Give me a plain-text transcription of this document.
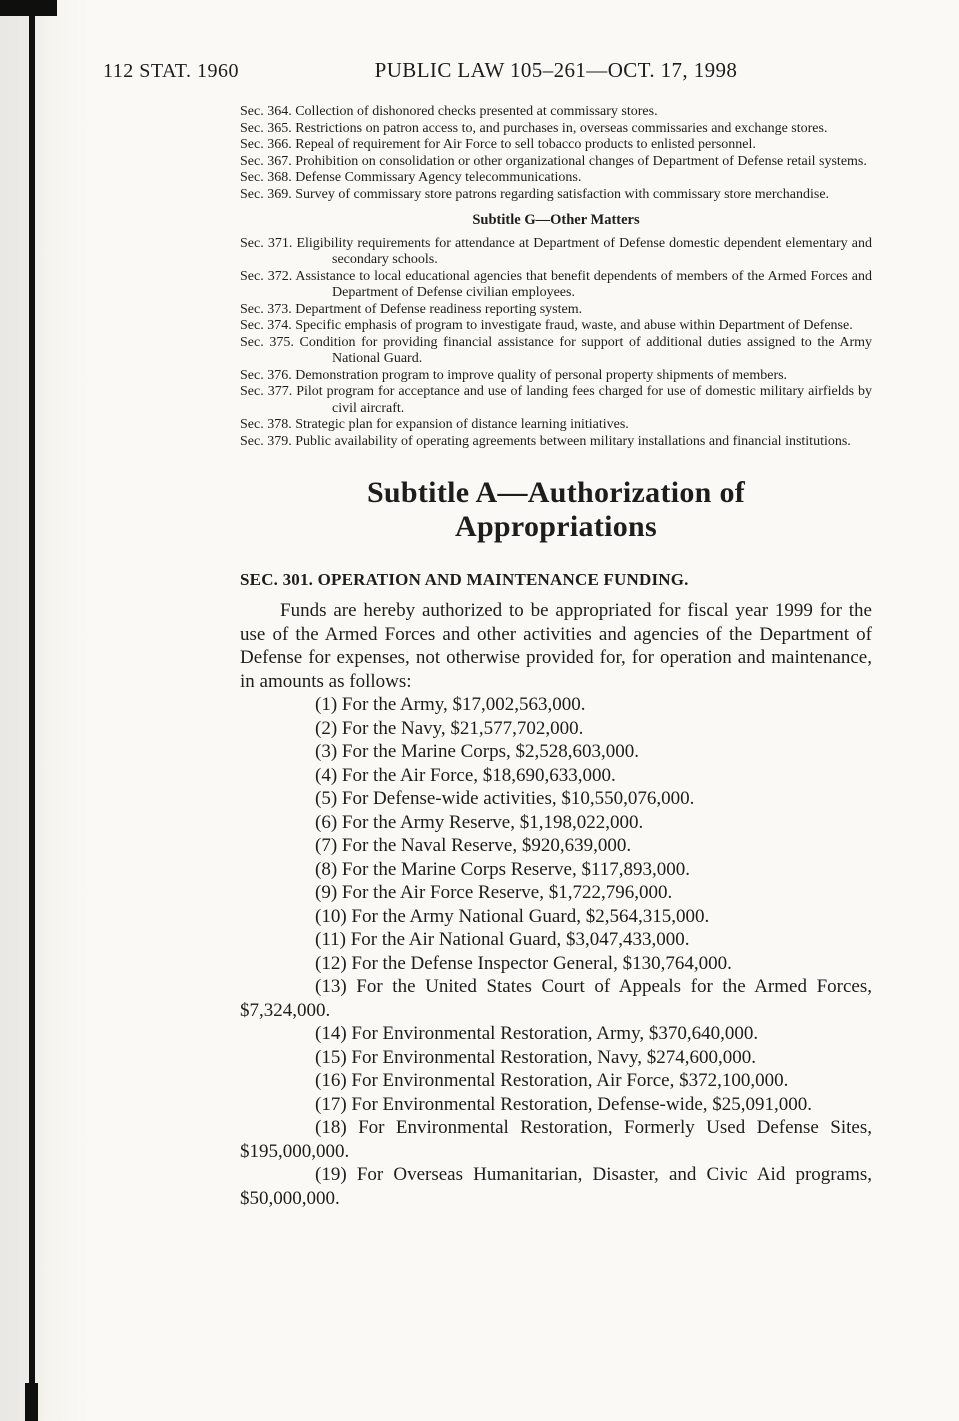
112 STAT. 1960	PUBLIC LAW 105–261—OCT. 17, 1998

Sec. 364. Collection of dishonored checks presented at commissary stores.

Sec. 365. Restrictions on patron access to, and purchases in, overseas commissaries and exchange stores.

Sec. 366. Repeal of requirement for Air Force to sell tobacco products to enlisted personnel.

Sec. 367. Prohibition on consolidation or other organizational changes of Department of Defense retail systems.

Sec. 368. Defense Commissary Agency telecommunications.

Sec. 369. Survey of commissary store patrons regarding satisfaction with commissary store merchandise.

Subtitle G—Other Matters

Sec. 371. Eligibility requirements for attendance at Department of Defense domestic dependent elementary and secondary schools.

Sec. 372. Assistance to local educational agencies that benefit dependents of members of the Armed Forces and Department of Defense civilian employees.

Sec. 373. Department of Defense readiness reporting system.

Sec. 374. Specific emphasis of program to investigate fraud, waste, and abuse within Department of Defense.

Sec. 375. Condition for providing financial assistance for support of additional duties assigned to the Army National Guard.

Sec. 376. Demonstration program to improve quality of personal property shipments of members.

Sec. 377. Pilot program for acceptance and use of landing fees charged for use of domestic military airfields by civil aircraft.

Sec. 378. Strategic plan for expansion of distance learning initiatives.

Sec. 379. Public availability of operating agreements between military installations and financial institutions.

Subtitle A—Authorization of
Appropriations

SEC. 301. OPERATION AND MAINTENANCE FUNDING.

Funds are hereby authorized to be appropriated for fiscal year 1999 for the use of the Armed Forces and other activities and agencies of the Department of Defense for expenses, not otherwise provided for, for operation and maintenance, in amounts as follows:

(1) For the Army, $17,002,563,000.

(2) For the Navy, $21,577,702,000.

(3) For the Marine Corps, $2,528,603,000.

(4) For the Air Force, $18,690,633,000.

(5) For Defense-wide activities, $10,550,076,000.

(6) For the Army Reserve, $1,198,022,000.

(7) For the Naval Reserve, $920,639,000.

(8) For the Marine Corps Reserve, $117,893,000.

(9) For the Air Force Reserve, $1,722,796,000.

(10) For the Army National Guard, $2,564,315,000.

(11) For the Air National Guard, $3,047,433,000.

(12) For the Defense Inspector General, $130,764,000.

(13) For the United States Court of Appeals for the Armed Forces, $7,324,000.

(14) For Environmental Restoration, Army, $370,640,000.

(15) For Environmental Restoration, Navy, $274,600,000.

(16) For Environmental Restoration, Air Force, $372,100,000.

(17) For Environmental Restoration, Defense-wide, $25,091,000.

(18) For Environmental Restoration, Formerly Used Defense Sites, $195,000,000.

(19) For Overseas Humanitarian, Disaster, and Civic Aid programs, $50,000,000.
